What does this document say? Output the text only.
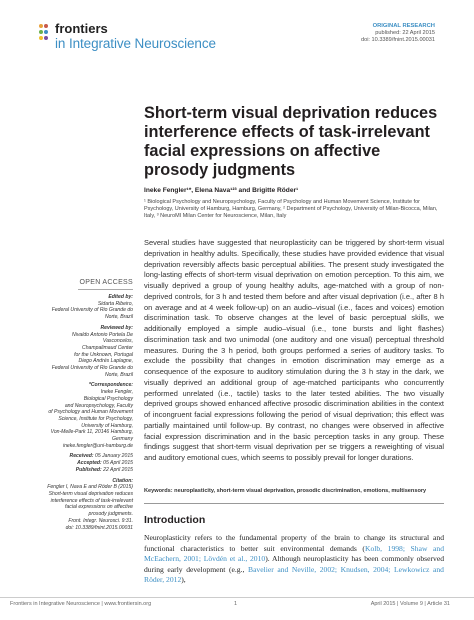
frontiers
in Integrative Neuroscience
ORIGINAL RESEARCH
published: 22 April 2015
doi: 10.3389/fnint.2015.00031
Short-term visual deprivation reduces interference effects of task-irrelevant facial expressions on affective prosody judgments

Ineke Fengler¹*, Elena Nava¹²³ and Brigitte Röder¹

¹ Biological Psychology and Neuropsychology, Faculty of Psychology and Human Movement Science, Institute for Psychology, University of Hamburg, Hamburg, Germany, ² Department of Psychology, University of Milan-Bicocca, Milan, Italy, ³ NeuroMI Milan Center for Neuroscience, Milan, Italy

Several studies have suggested that neuroplasticity can be triggered by short-term visual deprivation in healthy adults. Specifically, these studies have provided evidence that visual deprivation reversibly affects basic perceptual abilities. The present study investigated the long-lasting effects of short-term visual deprivation on emotion perception. To this aim, we visually deprived a group of young healthy adults, age-matched with a group of non-deprived controls, for 3 h and tested them before and after visual deprivation (i.e., after 8 h on average and at 4 week follow-up) on an audio–visual (i.e., faces and voices) emotion discrimination task. To observe changes at the level of basic perceptual skills, we additionally employed a simple audio–visual (i.e., tone bursts and light flashes) discrimination task and two unimodal (one auditory and one visual) perceptual threshold measures. During the 3 h period, both groups performed a series of auditory tasks. To exclude the possibility that changes in emotion discrimination may emerge as a consequence of the exposure to auditory stimulation during the 3 h stay in the dark, we visually deprived an additional group of age-matched participants who concurrently performed unrelated (i.e., tactile) tasks to the later tested abilities. The two visually deprived groups showed enhanced affective prosodic discrimination abilities in the context of incongruent facial expressions following the period of visual deprivation; this effect was partially maintained until follow-up. By contrast, no changes were observed in affective facial expression discrimination and in the basic perception tasks in any group. These findings suggest that short-term visual deprivation per se triggers a reweighting of visual and auditory emotional cues, which seems to possibly prevail for longer durations.

Keywords: neuroplasticity, short-term visual deprivation, prosodic discrimination, emotions, multisensory

Introduction

Neuroplasticity refers to the fundamental property of the brain to change its structural and functional characteristics to better suit environmental demands (Kolb, 1998; Shaw and McEachern, 2001; Lövdén et al., 2010). Although neuroplasticity has been commonly observed during early development (e.g., Bavelier and Neville, 2002; Knudsen, 2004; Lewkowicz and Röder, 2012),

OPEN ACCESS
Edited by:
Sidarta Ribeiro,
Federal University of Rio Grande do
Norte, Brazil
Reviewed by:
Nivaldo Antonio Portela De
Vasconcelos,
Champalimaud Center
for the Unknown, Portugal
Diego Andrés Laplagne,
Federal University of Rio Grande do
Norte, Brazil
*Correspondence:
Ineke Fengler,
Biological Psychology
and Neuropsychology, Faculty
of Psychology and Human Movement
Science, Institute for Psychology,
University of Hamburg,
Von-Melle-Park 11, 20146 Hamburg,
Germany
ineke.fengler@uni-hamburg.de
Received: 05 January 2015
Accepted: 05 April 2015
Published: 22 April 2015
Citation:
Fengler I, Nava E and Röder B (2015)
Short-term visual deprivation reduces
interference effects of task-irrelevant
facial expressions on affective
prosody judgments.
Front. Integr. Neurosci. 9:31.
doi: 10.3389/fnint.2015.00031
Frontiers in Integrative Neuroscience | www.frontiersin.org	1	April 2015 | Volume 9 | Article 31
